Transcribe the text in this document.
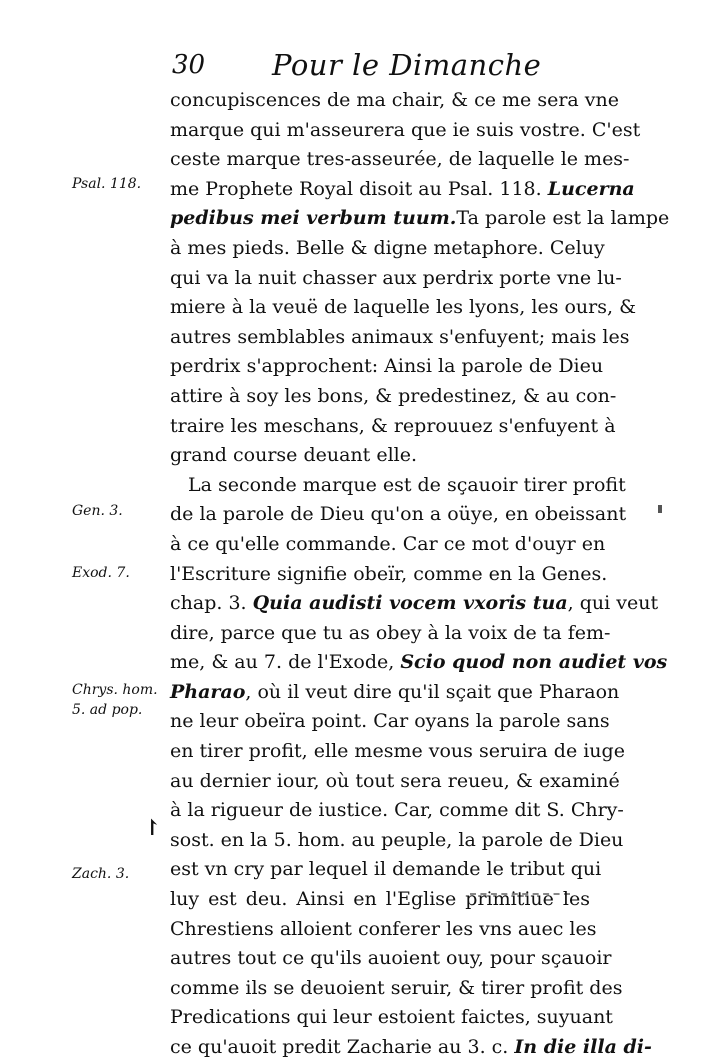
30 Pour le Dimanche
Psal. 118.
Gen. 3.
Exod. 7.
Chrys. hom.
5. ad pop.
Zach. 3.
↾
concupiscences de ma chair, & ce me sera vne
marque qui m'asseurera que ie suis vostre. C'est
ceste marque tres-asseurée, de laquelle le mes-
me Prophete Royal disoit au Psal. 118. Lucerna
pedibus mei verbum tuum.Ta parole est la lampe
à mes pieds. Belle & digne metaphore. Celuy
qui va la nuit chasser aux perdrix porte vne lu-
miere à la veuë de laquelle les lyons, les ours, &
autres semblables animaux s'enfuyent; mais les
perdrix s'approchent: Ainsi la parole de Dieu
attire à soy les bons, & predestinez, & au con-
traire les meschans, & reprouuez s'enfuyent à
grand course deuant elle.
La seconde marque est de sçauoir tirer profit
de la parole de Dieu qu'on a oüye, en obeissant
à ce qu'elle commande. Car ce mot d'ouyr en
l'Escriture signifie obeïr, comme en la Genes.
chap. 3. Quia audisti vocem vxoris tua, qui veut
dire, parce que tu as obey à la voix de ta fem-
me, & au 7. de l'Exode, Scio quod non audiet vos
Pharao, où il veut dire qu'il sçait que Pharaon
ne leur obeïra point. Car oyans la parole sans
en tirer profit, elle mesme vous seruira de iuge
au dernier iour, où tout sera reueu, & examiné
à la rigueur de iustice. Car, comme dit S. Chry-
sost. en la 5. hom. au peuple, la parole de Dieu
est vn cry par lequel il demande le tribut qui
luy est deu. Ainsi en l'Eglise primitiue les
Chrestiens alloient conferer les vns auec les
autres tout ce qu'ils auoient ouy, pour sçauoir
comme ils se deuoient seruir, & tirer profit des
Predications qui leur estoient faictes, suyuant
ce qu'auoit predit Zacharie au 3. c. In die illa di-
